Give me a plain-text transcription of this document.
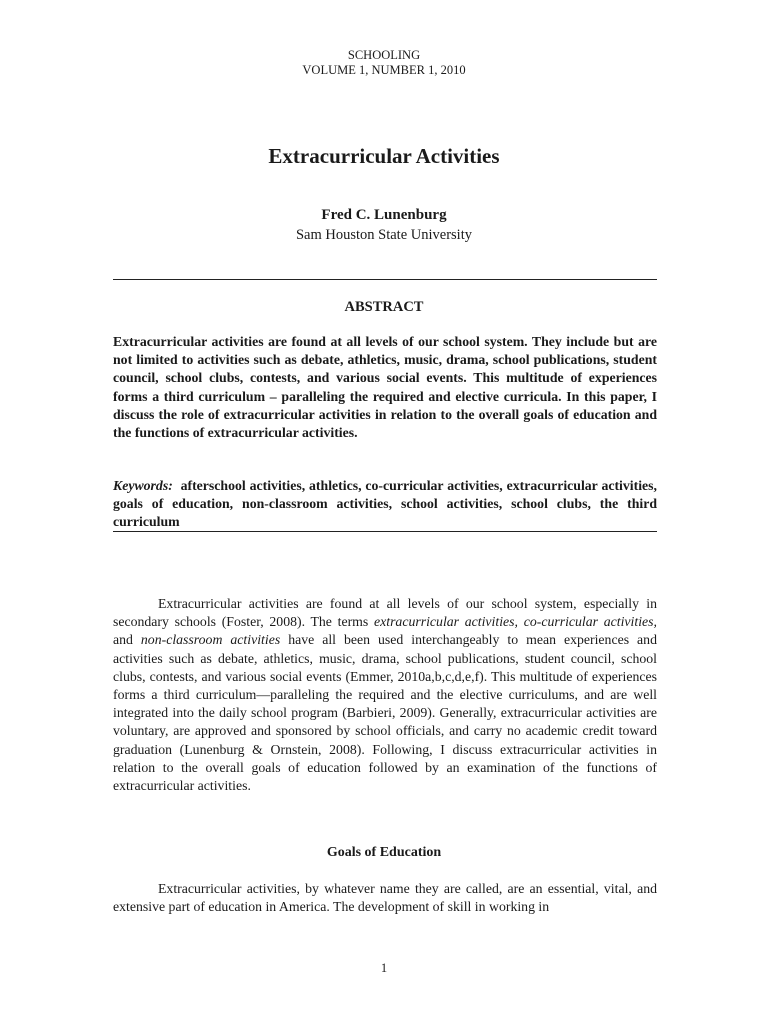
SCHOOLING
VOLUME 1, NUMBER 1, 2010
Extracurricular Activities
Fred C. Lunenburg
Sam Houston State University
ABSTRACT
Extracurricular activities are found at all levels of our school system. They include but are not limited to activities such as debate, athletics, music, drama, school publications, student council, school clubs, contests, and various social events. This multitude of experiences forms a third curriculum – paralleling the required and elective curricula. In this paper, I discuss the role of extracurricular activities in relation to the overall goals of education and the functions of extracurricular activities.
Keywords: afterschool activities, athletics, co-curricular activities, extracurricular activities, goals of education, non-classroom activities, school activities, school clubs, the third curriculum
Extracurricular activities are found at all levels of our school system, especially in secondary schools (Foster, 2008). The terms extracurricular activities, co-curricular activities, and non-classroom activities have all been used interchangeably to mean experiences and activities such as debate, athletics, music, drama, school publications, student council, school clubs, contests, and various social events (Emmer, 2010a,b,c,d,e,f). This multitude of experiences forms a third curriculum—paralleling the required and the elective curriculums, and are well integrated into the daily school program (Barbieri, 2009). Generally, extracurricular activities are voluntary, are approved and sponsored by school officials, and carry no academic credit toward graduation (Lunenburg & Ornstein, 2008). Following, I discuss extracurricular activities in relation to the overall goals of education followed by an examination of the functions of extracurricular activities.
Goals of Education
Extracurricular activities, by whatever name they are called, are an essential, vital, and extensive part of education in America. The development of skill in working in
1
